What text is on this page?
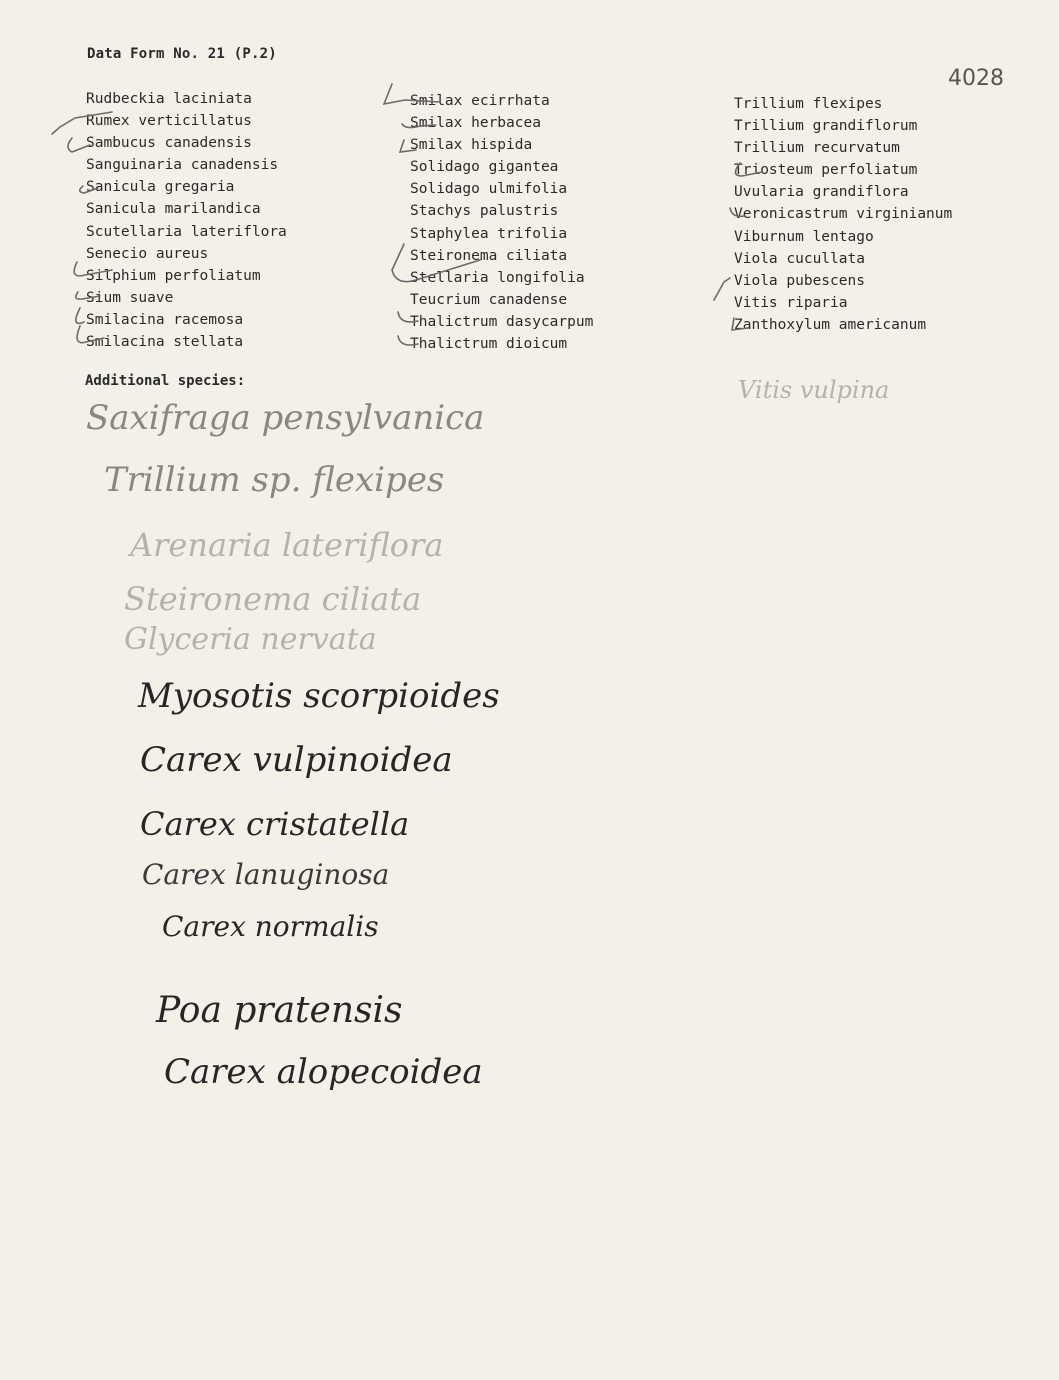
Data Form No. 21 (P.2)
4028
Rudbeckia laciniata
Rumex verticillatus
Sambucus canadensis
Sanguinaria canadensis
Sanicula gregaria
Sanicula marilandica
Scutellaria lateriflora
Senecio aureus
Silphium perfoliatum
Sium suave
Smilacina racemosa
Smilacina stellata
Smilax ecirrhata
Smilax herbacea
Smilax hispida
Solidago gigantea
Solidago ulmifolia
Stachys palustris
Staphylea trifolia
Steironema ciliata
Stellaria longifolia
Teucrium canadense
Thalictrum dasycarpum
Thalictrum dioicum
Trillium flexipes
Trillium grandiflorum
Trillium recurvatum
Triosteum perfoliatum
Uvularia grandiflora
Veronicastrum virginianum
Viburnum lentago
Viola cucullata
Viola pubescens
Vitis riparia
Zanthoxylum americanum
Additional species:	Vitis vulpina
Saxifraga pensylvanica
Trillium sp. flexipes
Arenaria lateriflora
Steironema ciliata
Glyceria nervata
Myosotis scorpioides
Carex vulpinoidea
Carex cristatella
Carex lanuginosa
Carex normalis
Poa pratensis
Carex alopecoidea
